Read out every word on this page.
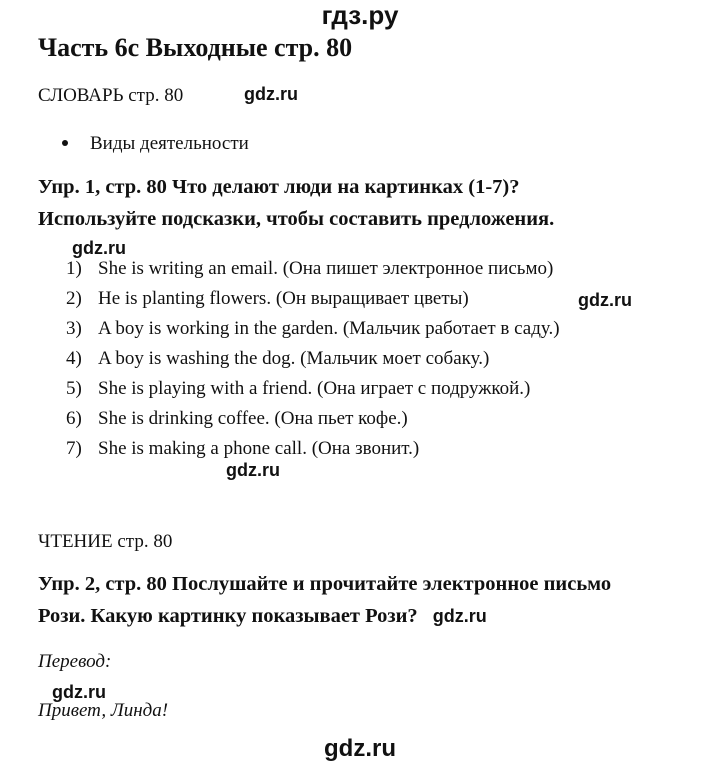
гдз.ру
Часть 6с Выходные стр. 80
СЛОВАРЬ стр. 80	gdz.ru
Виды деятельности
Упр. 1, стр. 80 Что делают люди на картинках (1-7)?
Используйте подсказки, чтобы составить предложения.
gdz.ru
gdz.ru
1) She is writing an email. (Она пишет электронное письмо)
2) He is planting flowers. (Он выращивает цветы)
3) A boy is working in the garden. (Мальчик работает в саду.)
4) A boy is washing the dog. (Мальчик моет собаку.)
5) She is playing with a friend. (Она играет с подружкой.)
6) She is drinking coffee. (Она пьет кофе.)
7) She is making a phone call. (Она звонит.)
gdz.ru
ЧТЕНИЕ стр. 80
Упр. 2, стр. 80 Послушайте и прочитайте электронное письмо
Рози. Какую картинку показывает Рози? gdz.ru
Перевод:
gdz.ru
Привет, Линда!
gdz.ru
